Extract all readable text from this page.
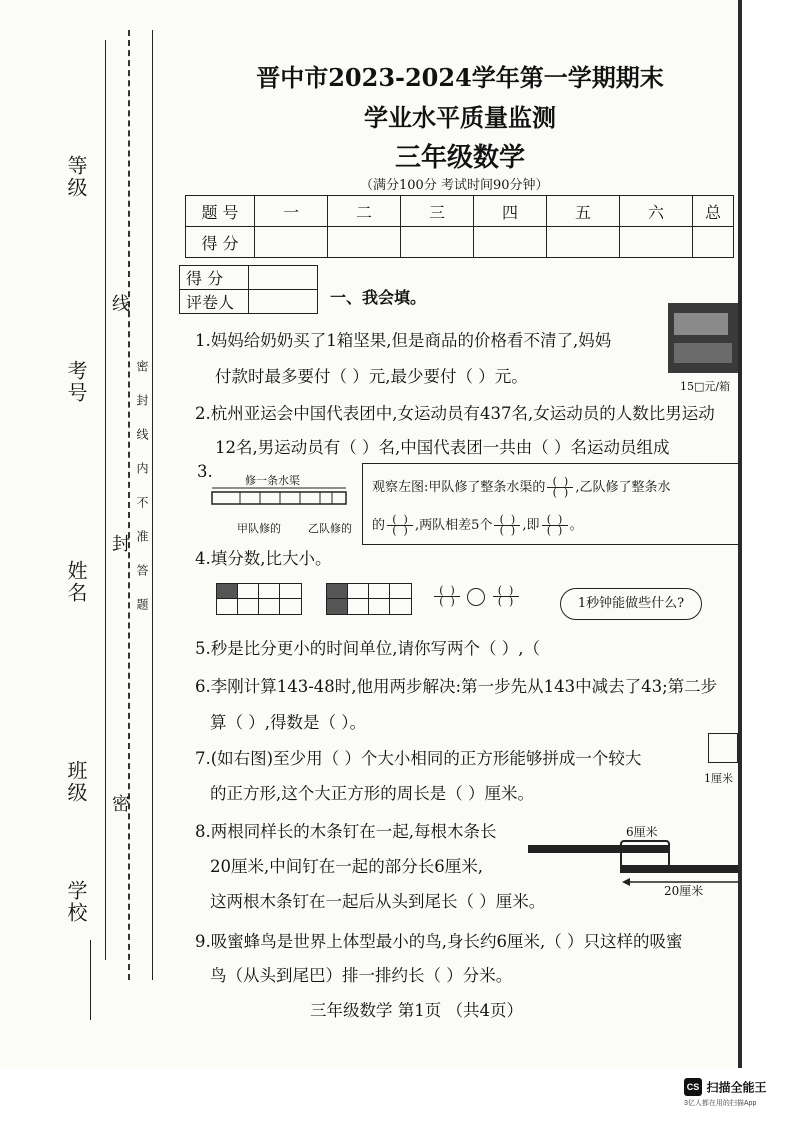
等级
考号
姓名
班级
学校
线
封
密
密封线内不准答题
晋中市2023-2024学年第一学期期末
学业水平质量监测
三年级数学
（满分100分 考试时间90分钟）
题 号	一	二	三	四	五	六	总
得 分							
得 分	
评卷人		一、我会填。
1.妈妈给奶奶买了1箱坚果,但是商品的价格看不清了,妈妈
付款时最多要付（ ）元,最少要付（ ）元。
15□元/箱
2.杭州亚运会中国代表团中,女运动员有437名,女运动员的人数比男运动
12名,男运动员有（ ）名,中国代表团一共由（ ）名运动员组成
3.	修一条水渠
甲队修的 乙队修的
观察左图:甲队修了整条水渠的 (  )
(  ) ,乙队修了整条水
的 (  )
(  ) ,两队相差5个 (  )
(  ) ,即 (  )
(  ) 。
4.填分数,比大小。
(  )
(  )  (  )
(  )	1秒钟能做些什么?
5.秒是比分更小的时间单位,请你写两个（ ）,（
6.李刚计算143-48时,他用两步解决:第一步先从143中减去了43;第二步
算（ ）,得数是（ ）。
7.(如右图)至少用（ ）个大小相同的正方形能够拼成一个较大
的正方形,这个大正方形的周长是（ ）厘米。
1厘米
8.两根同样长的木条钉在一起,每根木条长
20厘米,中间钉在一起的部分长6厘米,
这两根木条钉在一起后从头到尾长（ ）厘米。
6厘米
20厘米
9.吸蜜蜂鸟是世界上体型最小的鸟,身长约6厘米,（ ）只这样的吸蜜
鸟（从头到尾巴）排一排约长（ ）分米。
三年级数学 第1页 （共4页）
CS 扫描全能王
3亿人都在用的扫描App
